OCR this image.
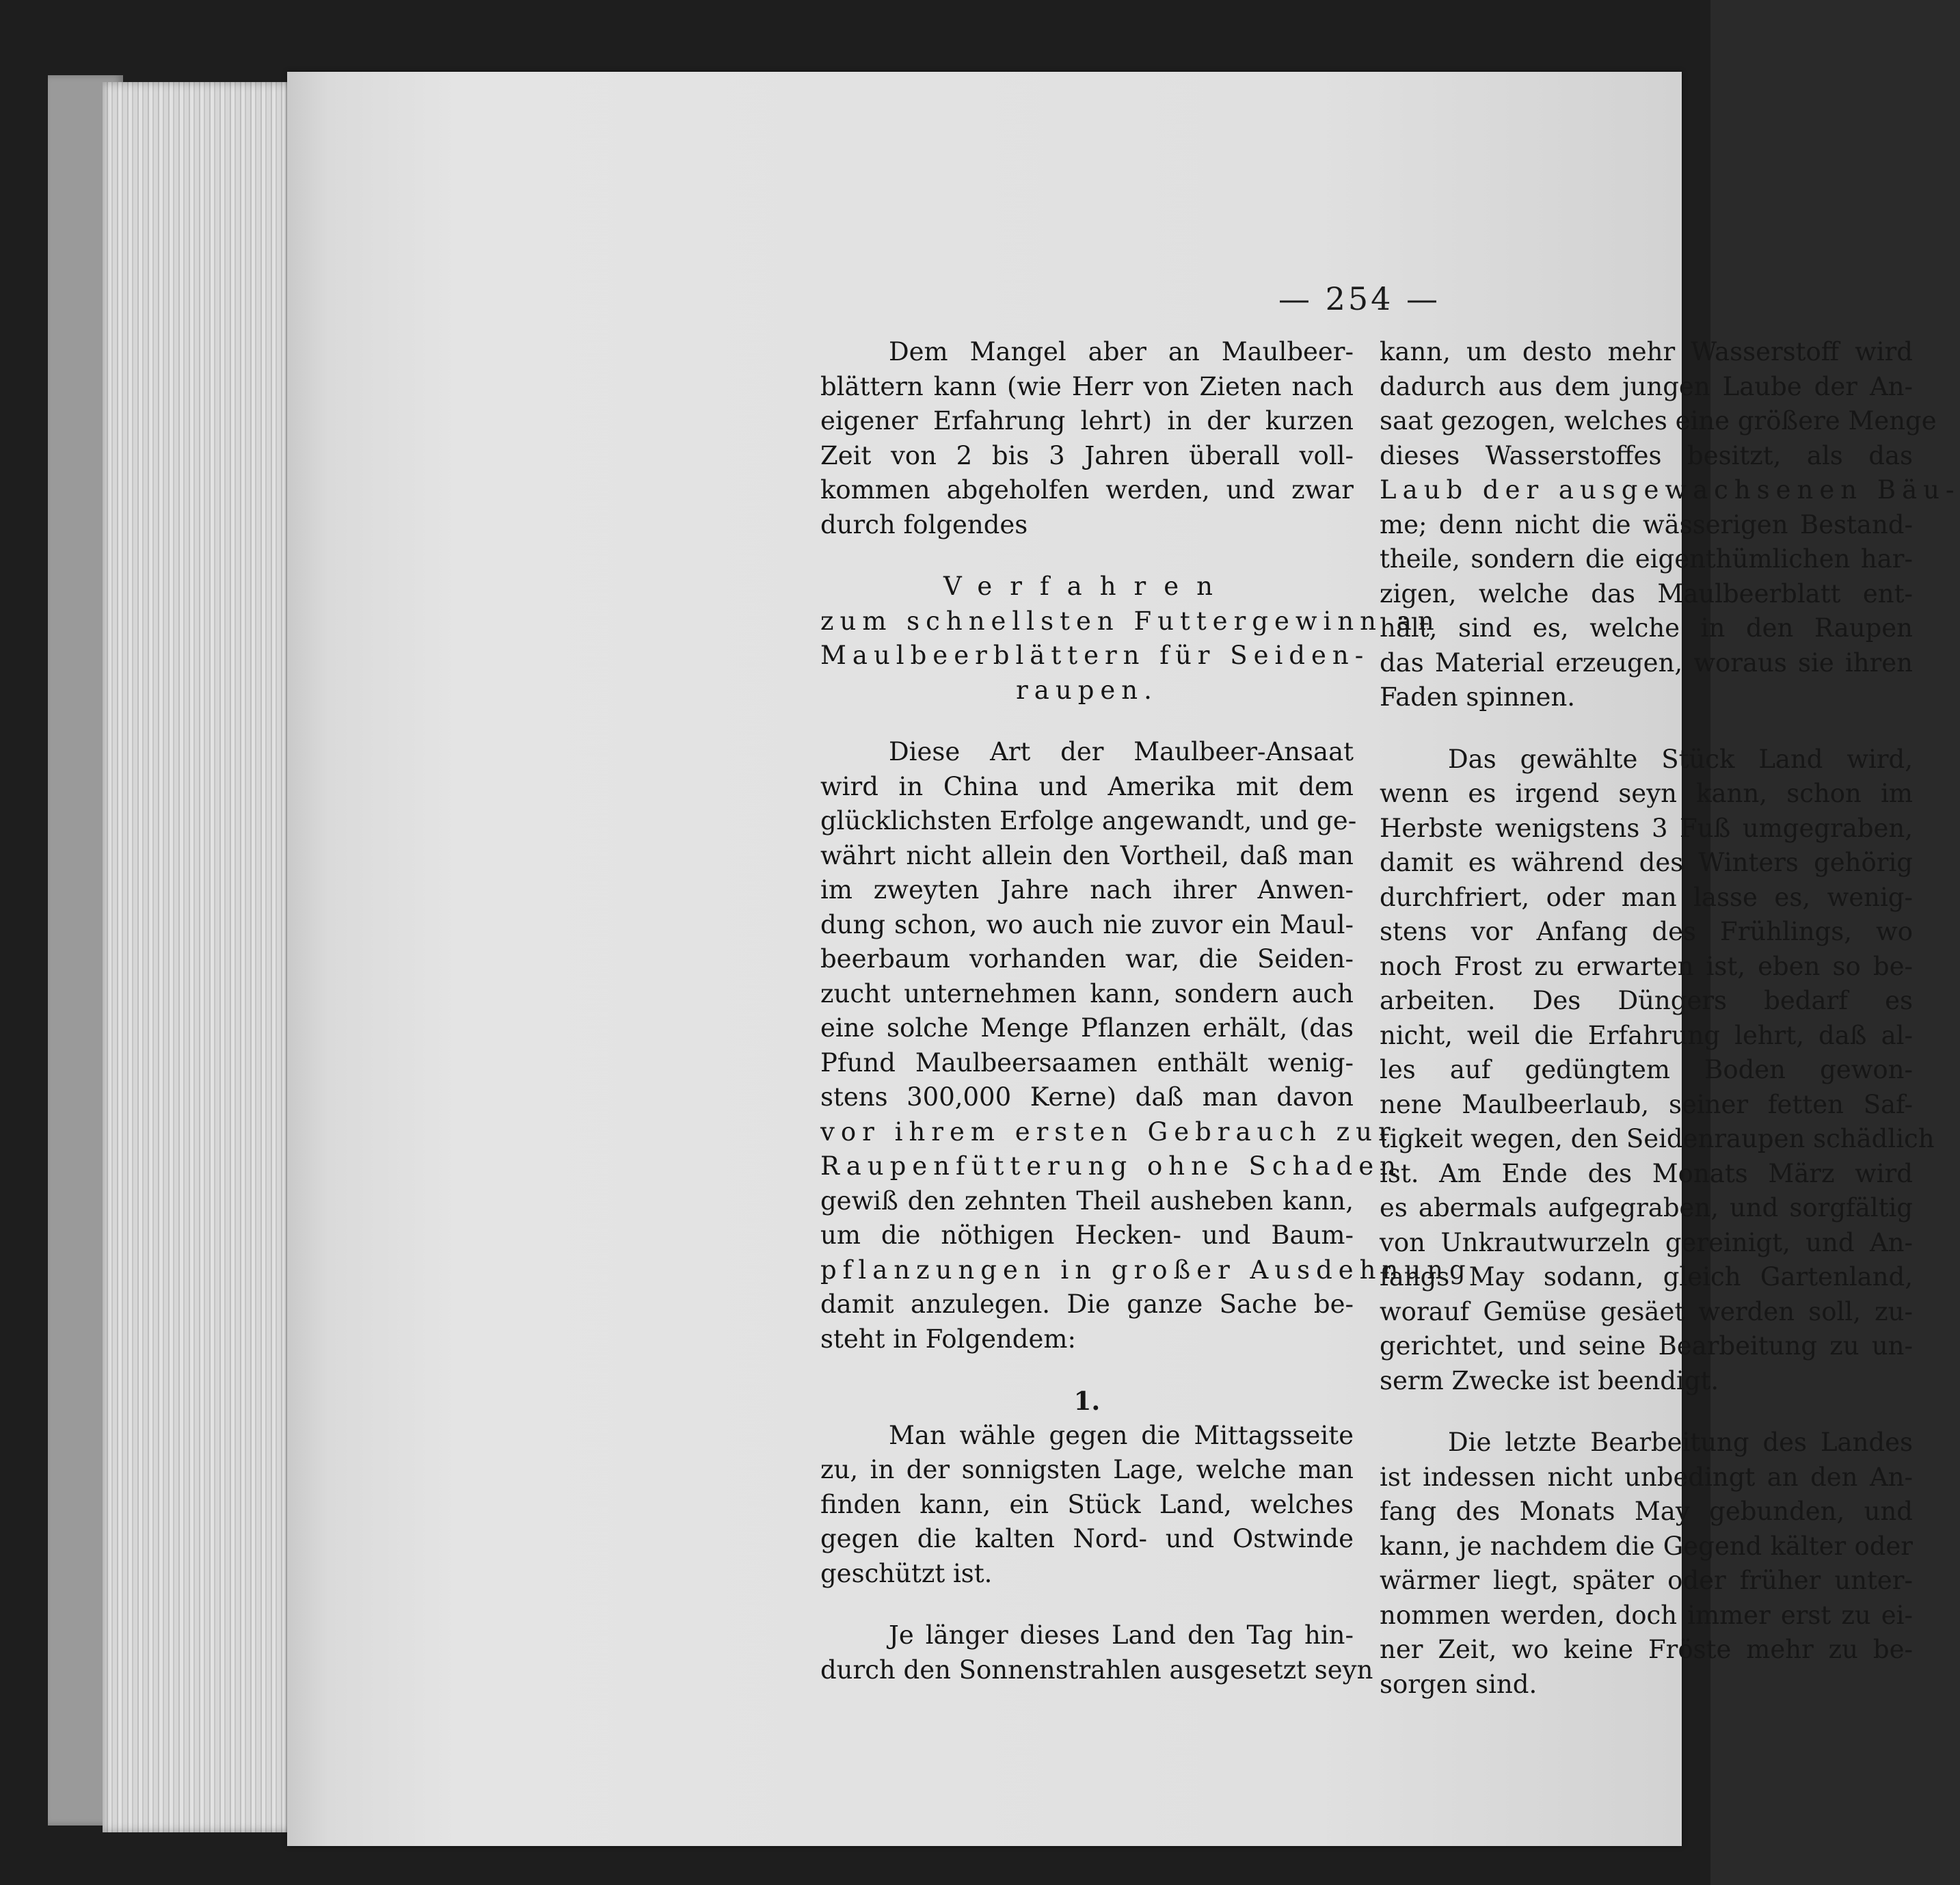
— 254 —
Dem Mangel aber an Maulbeer-
blättern kann (wie Herr von Zieten nach
eigener Erfahrung lehrt) in der kurzen
Zeit von 2 bis 3 Jahren überall voll-
kommen abgeholfen werden, und zwar
durch folgendes
Verfahren
zum schnellsten Futtergewinn an
Maulbeerblättern für Seiden-
raupen.
Diese Art der Maulbeer-Ansaat
wird in China und Amerika mit dem
glücklichsten Erfolge angewandt, und ge-
währt nicht allein den Vortheil, daß man
im zweyten Jahre nach ihrer Anwen-
dung schon, wo auch nie zuvor ein Maul-
beerbaum vorhanden war, die Seiden-
zucht unternehmen kann, sondern auch
eine solche Menge Pflanzen erhält, (das
Pfund Maulbeersaamen enthält wenig-
stens 300,000 Kerne) daß man davon
vor ihrem ersten Gebrauch zur
Raupenfütterung ohne Schaden
gewiß den zehnten Theil ausheben kann,
um die nöthigen Hecken- und Baum-
pflanzungen in großer Ausdehnung
damit anzulegen. Die ganze Sache be-
steht in Folgendem:
1.
Man wähle gegen die Mittagsseite
zu, in der sonnigsten Lage, welche man
finden kann, ein Stück Land, welches
gegen die kalten Nord- und Ostwinde
geschützt ist.
Je länger dieses Land den Tag hin-
durch den Sonnenstrahlen ausgesetzt seyn
kann, um desto mehr Wasserstoff wird
dadurch aus dem jungen Laube der An-
saat gezogen, welches eine größere Menge
dieses Wasserstoffes besitzt, als das
Laub der ausgewachsenen Bäu-
me; denn nicht die wässerigen Bestand-
theile, sondern die eigenthümlichen har-
zigen, welche das Maulbeerblatt ent-
hält, sind es, welche in den Raupen
das Material erzeugen, woraus sie ihren
Faden spinnen.
Das gewählte Stück Land wird,
wenn es irgend seyn kann, schon im
Herbste wenigstens 3 Fuß umgegraben,
damit es während des Winters gehörig
durchfriert, oder man lasse es, wenig-
stens vor Anfang des Frühlings, wo
noch Frost zu erwarten ist, eben so be-
arbeiten. Des Düngers bedarf es
nicht, weil die Erfahrung lehrt, daß al-
les auf gedüngtem Boden gewon-
nene Maulbeerlaub, seiner fetten Saf-
tigkeit wegen, den Seidenraupen schädlich
ist. Am Ende des Monats März wird
es abermals aufgegraben, und sorgfältig
von Unkrautwurzeln gereinigt, und An-
fangs May sodann, gleich Gartenland,
worauf Gemüse gesäet werden soll, zu-
gerichtet, und seine Bearbeitung zu un-
serm Zwecke ist beendigt.
Die letzte Bearbeitung des Landes
ist indessen nicht unbedingt an den An-
fang des Monats May gebunden, und
kann, je nachdem die Gegend kälter oder
wärmer liegt, später oder früher unter-
nommen werden, doch immer erst zu ei-
ner Zeit, wo keine Fröste mehr zu be-
sorgen sind.
